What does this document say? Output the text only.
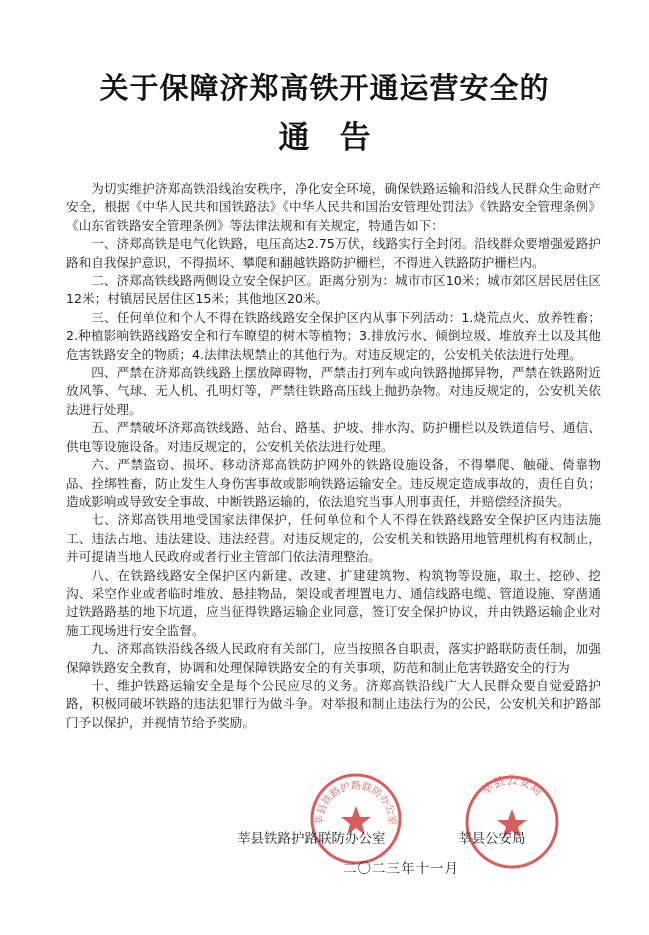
关于保障济郑高铁开通运营安全的
通告

为切实维护济郑高铁沿线治安秩序，净化安全环境，确保铁路运输和沿线人民群众生命财产安全，根据《中华人民共和国铁路法》《中华人民共和国治安管理处罚法》《铁路安全管理条例》《山东省铁路安全管理条例》等法律法规和有关规定，特通告如下：

一、济郑高铁是电气化铁路，电压高达2.75万伏，线路实行全封闭。沿线群众要增强爱路护路和自我保护意识，不得损坏、攀爬和翻越铁路防护栅栏，不得进入铁路防护栅栏内。

二、济郑高铁线路两侧设立安全保护区。距离分别为：城市市区10米；城市郊区居民居住区12米；村镇居民居住区15米；其他地区20米。

三、任何单位和个人不得在铁路线路安全保护区内从事下列活动：1.烧荒点火、放养牲畜；2.种植影响铁路线路安全和行车瞭望的树木等植物；3.排放污水、倾倒垃圾、堆放弃土以及其他危害铁路安全的物质；4.法律法规禁止的其他行为。对违反规定的，公安机关依法进行处理。

四、严禁在济郑高铁线路上摆放障碍物，严禁击打列车或向铁路抛掷异物，严禁在铁路附近放风筝、气球、无人机、孔明灯等，严禁往铁路高压线上抛扔杂物。对违反规定的，公安机关依法进行处理。

五、严禁破坏济郑高铁线路、站台、路基、护坡、排水沟、防护栅栏以及铁道信号、通信、供电等设施设备。对违反规定的，公安机关依法进行处理。

六、严禁盗窃、损坏、移动济郑高铁防护网外的铁路设施设备，不得攀爬、触碰、倚靠物品、拴绑牲畜，防止发生人身伤害事故或影响铁路运输安全。违反规定造成事故的，责任自负；造成影响或导致安全事故、中断铁路运输的，依法追究当事人刑事责任，并赔偿经济损失。

七、济郑高铁用地受国家法律保护，任何单位和个人不得在铁路线路安全保护区内违法施工、违法占地、违法建设、违法经营。对违反规定的，公安机关和铁路用地管理机构有权制止，并可提请当地人民政府或者行业主管部门依法清理整治。

八、在铁路线路安全保护区内新建、改建、扩建建筑物、构筑物等设施，取土、挖砂、挖沟、采空作业或者临时堆放、悬挂物品，架设或者埋置电力、通信线路电缆、管道设施、穿凿通过铁路路基的地下坑道，应当征得铁路运输企业同意，签订安全保护协议，并由铁路运输企业对施工现场进行安全监督。

九、济郑高铁沿线各级人民政府有关部门，应当按照各自职责，落实护路联防责任制，加强保障铁路安全教育，协调和处理保障铁路安全的有关事项，防范和制止危害铁路安全的行为

十、维护铁路运输安全是每个公民应尽的义务。济郑高铁沿线广大人民群众要自觉爱路护路，积极同破坏铁路的违法犯罪行为做斗争。对举报和制止违法行为的公民，公安机关和护路部门予以保护，并视情节给予奖励。

莘县铁路护路联防办公室
莘县公安局
莘县铁路护路联防办公室	莘县公安局
二〇二三年十一月
